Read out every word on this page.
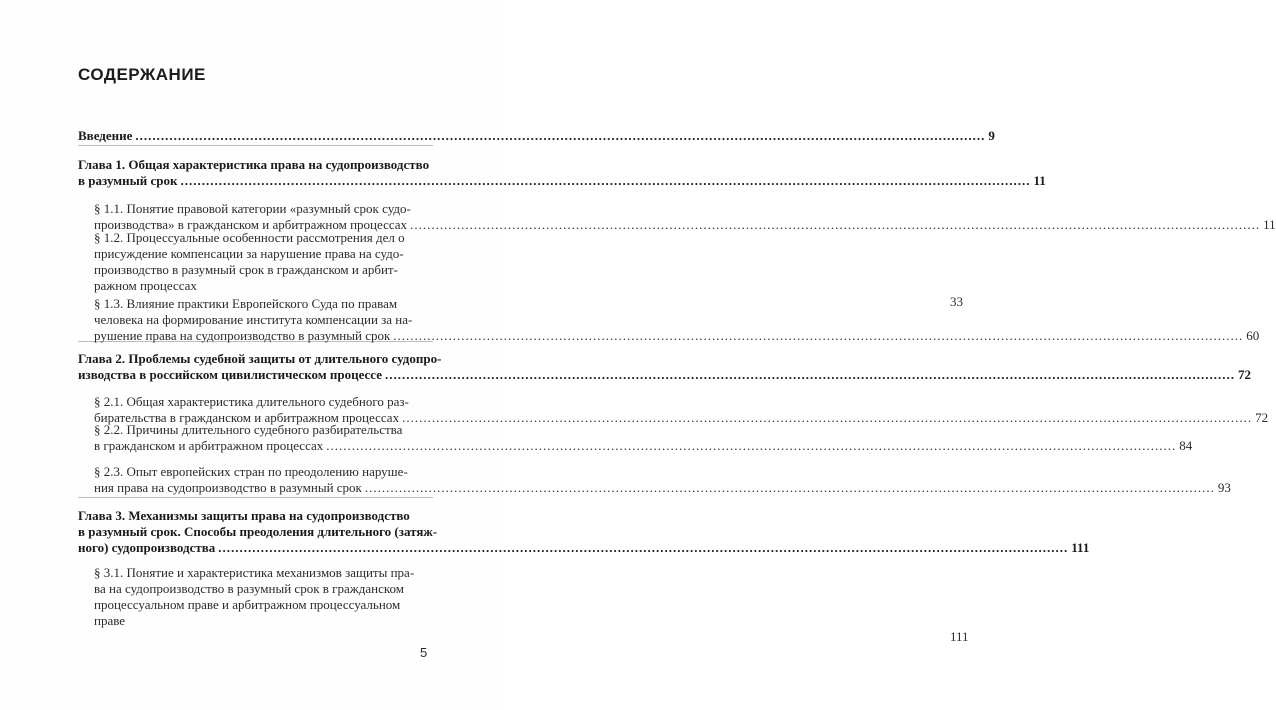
СОДЕРЖАНИЕ
Введение ........................................................................................................................................................................................................ 9
Глава 1. Общая характеристика права на судопроизводство
в разумный срок ........................................................................................................................................................................................................ 11
§ 1.1. Понятие правовой категории «разумный срок судо-
производства» в гражданском и арбитражном процессах ........................................................................................................................................................................................................ 11
§ 1.2. Процессуальные особенности рассмотрения дел о
присуждение компенсации за нарушение права на судо-
производство в разумный срок в гражданском и арбит-
ражном процессах
33
§ 1.3. Влияние практики Европейского Суда по правам
человека на формирование института компенсации за на-
рушение права на судопроизводство в разумный срок ........................................................................................................................................................................................................ 60
Глава 2. Проблемы судебной защиты от длительного судопро-
изводства в российском цивилистическом процессе ........................................................................................................................................................................................................ 72
§ 2.1. Общая характеристика длительного судебного раз-
бирательства в гражданском и арбитражном процессах ........................................................................................................................................................................................................ 72
§ 2.2. Причины длительного судебного разбирательства
в гражданском и арбитражном процессах ........................................................................................................................................................................................................ 84
§ 2.3. Опыт европейских стран по преодолению наруше-
ния права на судопроизводство в разумный срок ........................................................................................................................................................................................................ 93
Глава 3. Механизмы защиты права на судопроизводство
в разумный срок. Способы преодоления длительного (затяж-
ного) судопроизводства ........................................................................................................................................................................................................ 111
§ 3.1. Понятие и характеристика механизмов защиты пра-
ва на судопроизводство в разумный срок в гражданском
процессуальном праве и арбитражном процессуальном
праве
111
5
